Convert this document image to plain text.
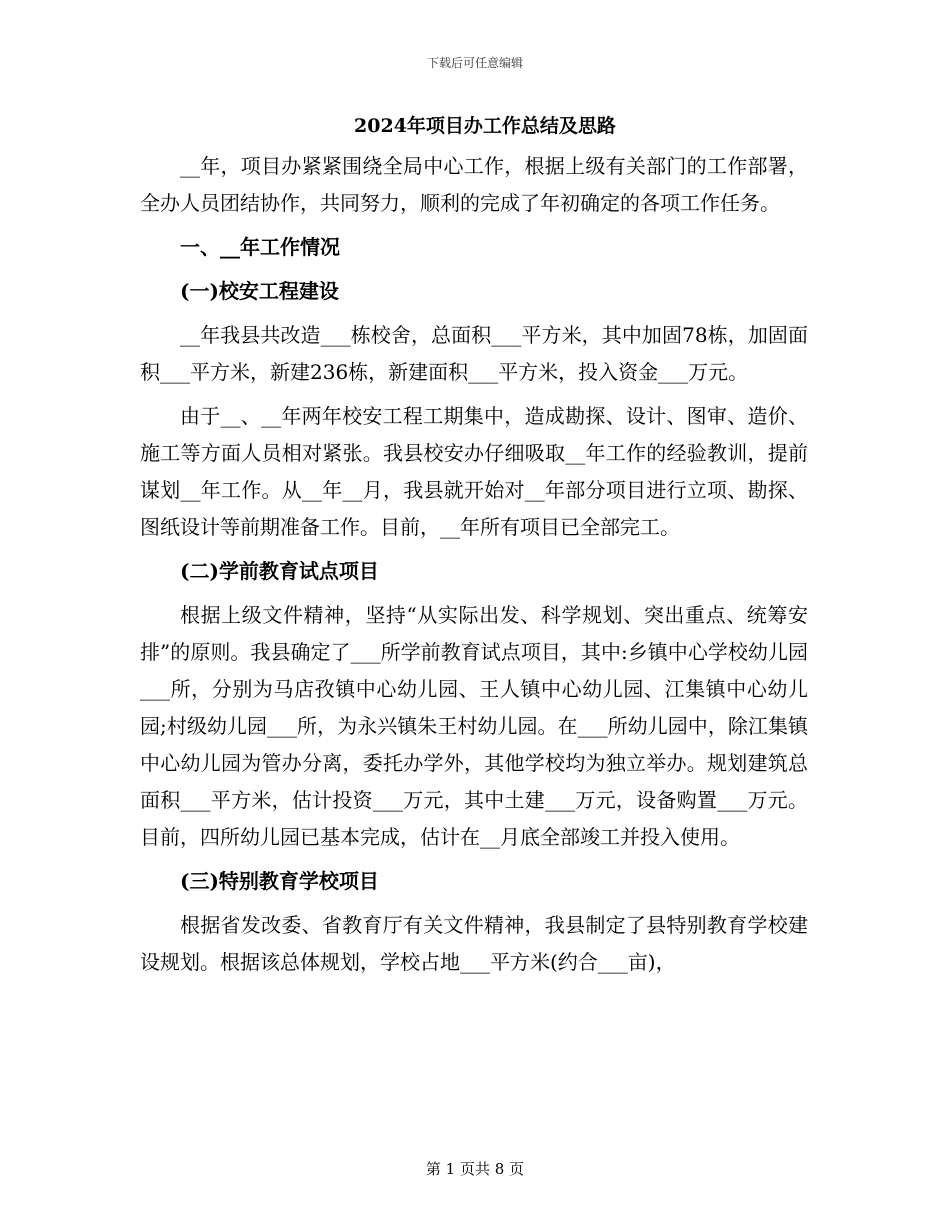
下载后可任意编辑
2024年项目办工作总结及思路

__年，项目办紧紧围绕全局中心工作，根据上级有关部门的工作部署，全办人员团结协作，共同努力，顺利的完成了年初确定的各项工作任务。

一、__年工作情况

(一)校安工程建设

__年我县共改造___栋校舍，总面积___平方米，其中加固78栋，加固面积___平方米，新建236栋，新建面积___平方米，投入资金___万元。

由于__、__年两年校安工程工期集中，造成勘探、设计、图审、造价、施工等方面人员相对紧张。我县校安办仔细吸取__年工作的经验教训，提前谋划__年工作。从__年__月，我县就开始对__年部分项目进行立项、勘探、图纸设计等前期准备工作。目前，__年所有项目已全部完工。

(二)学前教育试点项目

根据上级文件精神，坚持“从实际出发、科学规划、突出重点、统筹安排”的原则。我县确定了___所学前教育试点项目，其中:乡镇中心学校幼儿园___所，分别为马店孜镇中心幼儿园、王人镇中心幼儿园、江集镇中心幼儿园;村级幼儿园___所，为永兴镇朱王村幼儿园。在___所幼儿园中，除江集镇中心幼儿园为管办分离，委托办学外，其他学校均为独立举办。规划建筑总面积___平方米，估计投资___万元，其中土建___万元，设备购置___万元。目前，四所幼儿园已基本完成，估计在__月底全部竣工并投入使用。

(三)特别教育学校项目

根据省发改委、省教育厅有关文件精神，我县制定了县特别教育学校建设规划。根据该总体规划，学校占地___平方米(约合___亩)，

第 1 页共 8 页
